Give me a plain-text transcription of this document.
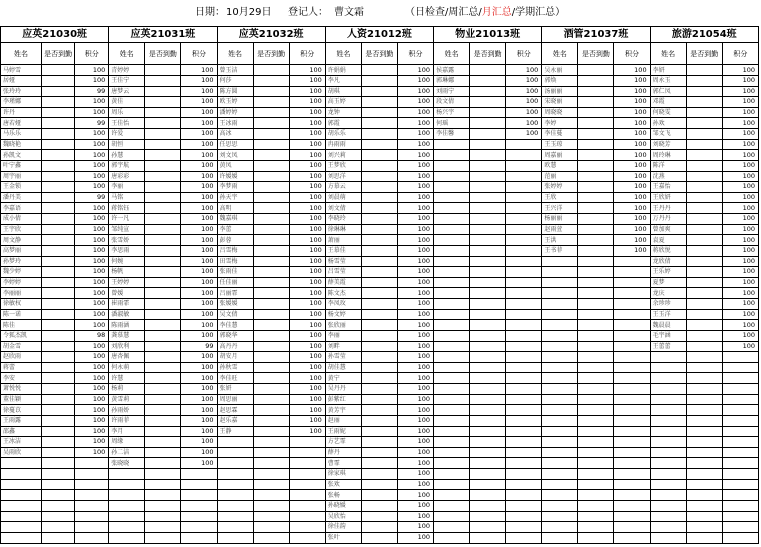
日期： 10月29日 登记人： 曹文霜	（日检查/周汇总/月汇总/学期汇总）
应英21030班			应英21031班			应英21032班			人资21012班			物业21013班			酒管21037班			旅游21054班		
姓名	是否到勤	积分	姓名	是否到勤	积分	姓名	是否到勤	积分	姓名	是否到勤	积分	姓名	是否到勤	积分	姓名	是否到勤	积分	姓名	是否到勤	积分
马婷雪		100	青婷婷		100	曾玉洁		100	许娟娟		100	侯嘉露		100	吴永丽		100	李妍		100
居娅		100	王佳宁		100	何莎		100	李凡		100	郭琳娜		100	郭焕		100	周永玉		100
张玲玲		99	唐梦云		100	陈方圆		100	胡琪		100	刘雨宁		100	汤丽丽		100	郭仁凤		100
李瑾娜		100	黄佳		100	欧玉婷		100	高玉婷		100	段文倩		100	宋晓丽		100	邓霞		100
许丹		100	周乐		100	潘婷婷		100	龙钟		100	杨兴宇		100	周晓晓		100	何晓雯		100
唐若娅		99	王佳怡		100	王冰雨		100	郭霞		100	何瑶		100	李婷		100	孙欢		100
马乐乐		100	许爱		100	高冰		100	胡乐乐		100	李佳馨		100	李佳蔓		100	邹文飞		100
魏晓艳		100	胡恒		100	任思思		100	冉雨雨		100				王玉琼		100	刘晓芳		100
孙凯文		100	孙慧		100	刘文凤		100	刘兴莉		100				周嘉丽		100	周玲琳		100
叶宁鑫		100	郭宇航		100	黄凤		100	王梦欣		100				欧慧		100	陈洋		100
周宇丽		100	唐彩彩		100	许媛媛		100	刘思洋		100				范丽		100	沈燕		100
王金锁		100	李丽		100	李梦雨		100	方慕云		100				张婷婷		100	王嘉怡		100
潘丹美		99	马铭		100	孙天宇		100	刘晨萌		100				王欣		100	王欣妍		100
李嘉语		100	蒋铭钰		100	高明		100	刘文倩		100				王兴洋		100	王丹丹		100
成小倩		100	许一凡		100	魏嘉琪		100	李晓玲		100				杨丽丽		100	万丹丹		100
王宇欣		100	邹纯宣		100	李蕾		100	徐琳琳		100				赵雨萱		100	曾加爽		100
周文静		100	张雪娇		100	彭蓉		100	萧丽		100				王洪		100	袁夏		100
高梦丽		100	李思雨		100	吕雪梅		100	王慕佳		100				王书菲		100	蒋欣悦		100
孙梦玲		100	何婉		100	田雪梅		100	杨雪莹		100							龙欣倩		100
魏少婷		100	杨帆		100	张雨佳		100	吕雪莹		100							王乐婷		100
李婷婷		100	王婷婷		100	任佳丽		100	薛美霞		100							夏梦		100
李丽丽		100	曾媛		100	吕丽霏		100	陈文杰		100							龙庆		100
徐敏权		100	崔雨霏		100	张媛媛		100	李凤玫		100							余珍珍		100
陈一诺		100	潘淑敏		100	吴文倩		100	杨文婷		100							王玉洋		100
陈佳		100	陈雨涵		100	李佳慧		100	张欣丽		100							魏晨晨		100
令狐杰凯		98	龚慕慧		100	郭晓华		100	李丽		100							毛宇涵		100
胡金雪		100	刘欣利		99	高丹丹		100	刘畔		100							王蕾蕾		100
赵欣雨		100	唐杏佩		100	胡安月		100	孙雪莹		100									
蒋蕾		100	何永萌		100	孙秋雪		100	胡佳慧		100									
李安		100	许慧		100	李佳旺		100	黄宁		100									
萧悦悦		100	杨莉		100	张妍		100	吴丹丹		100									
董佳颖		100	黄雪莉		100	周思丽		100	彭紫红		100									
徐蔓苡		100	孙雨娇		100	赵思霖		100	黄芳宇		100									
王雨露		100	许雨菲		100	赵乐嘉		100	赵丽		100									
邵鑫		100	李月		100	王静		100	王雨妮		100									
王冰洁		100	周缘		100				方艺霏		100									
吴雨欣		100	孙二洁		100				薛丹		100									
			张晓晓		100				曹霏		100									
									徐家琪		100									
									张欢		100									
									张畅		100									
									孙晓媛		100									
									吴欣怡		100									
									徐佳韵		100									
									张叶		100									
